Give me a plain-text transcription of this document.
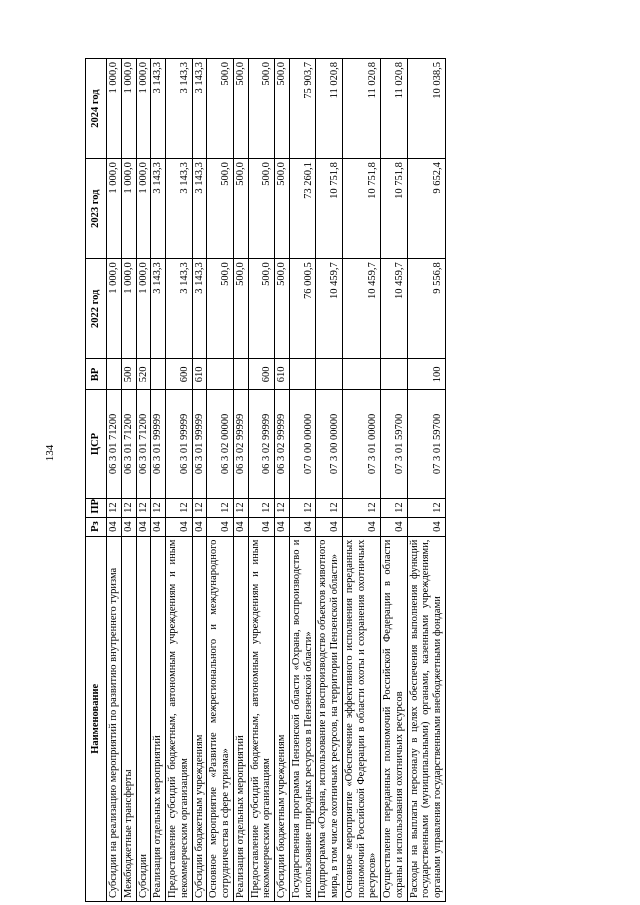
134
Наименование	Рз	ПР	ЦСР	ВР	2022 год	2023 год	2024 год
Субсидии на реализацию мероприятий по развитию внутреннего туризма	04	12	06 3 01 71200		1 000,0	1 000,0	1 000,0
Межбюджетные трансферты	04	12	06 3 01 71200	500	1 000,0	1 000,0	1 000,0
Субсидии	04	12	06 3 01 71200	520	1 000,0	1 000,0	1 000,0
Реализация отдельных мероприятий	04	12	06 3 01 99999		3 143,3	3 143,3	3 143,3
Предоставление субсидий бюджетным, автономным учреждениям и иным некоммерческим организациям	04	12	06 3 01 99999	600	3 143,3	3 143,3	3 143,3
Субсидии бюджетным учреждениям	04	12	06 3 01 99999	610	3 143,3	3 143,3	3 143,3
Основное мероприятие «Развитие межрегионального и международного сотрудничества в сфере туризма»	04	12	06 3 02 00000		500,0	500,0	500,0
Реализация отдельных мероприятий	04	12	06 3 02 99999		500,0	500,0	500,0
Предоставление субсидий бюджетным, автономным учреждениям и иным некоммерческим организациям	04	12	06 3 02 99999	600	500,0	500,0	500,0
Субсидии бюджетным учреждениям	04	12	06 3 02 99999	610	500,0	500,0	500,0
Государственная программа Пензенской области «Охрана, воспроизводство и использование природных ресурсов в Пензенской области»	04	12	07 0 00 00000		76 000,5	73 260,1	75 903,7
Подпрограмма «Охрана, использование и воспроизводство объектов животного мира, в том числе охотничьих ресурсов, на территории Пензенской области»	04	12	07 3 00 00000		10 459,7	10 751,8	11 020,8
Основное мероприятие «Обеспечение эффективного исполнения переданных полномочий Российской Федерации в области охоты и сохранения охотничьих ресурсов»	04	12	07 3 01 00000		10 459,7	10 751,8	11 020,8
Осуществление переданных полномочий Российской Федерации в области охраны и использования охотничьих ресурсов	04	12	07 3 01 59700		10 459,7	10 751,8	11 020,8
Расходы на выплаты персоналу в целях обеспечения выполнения функций государственными (муниципальными) органами, казенными учреждениями, органами управления государственными внебюджетными фондами	04	12	07 3 01 59700	100	9 556,8	9 652,4	10 038,5
